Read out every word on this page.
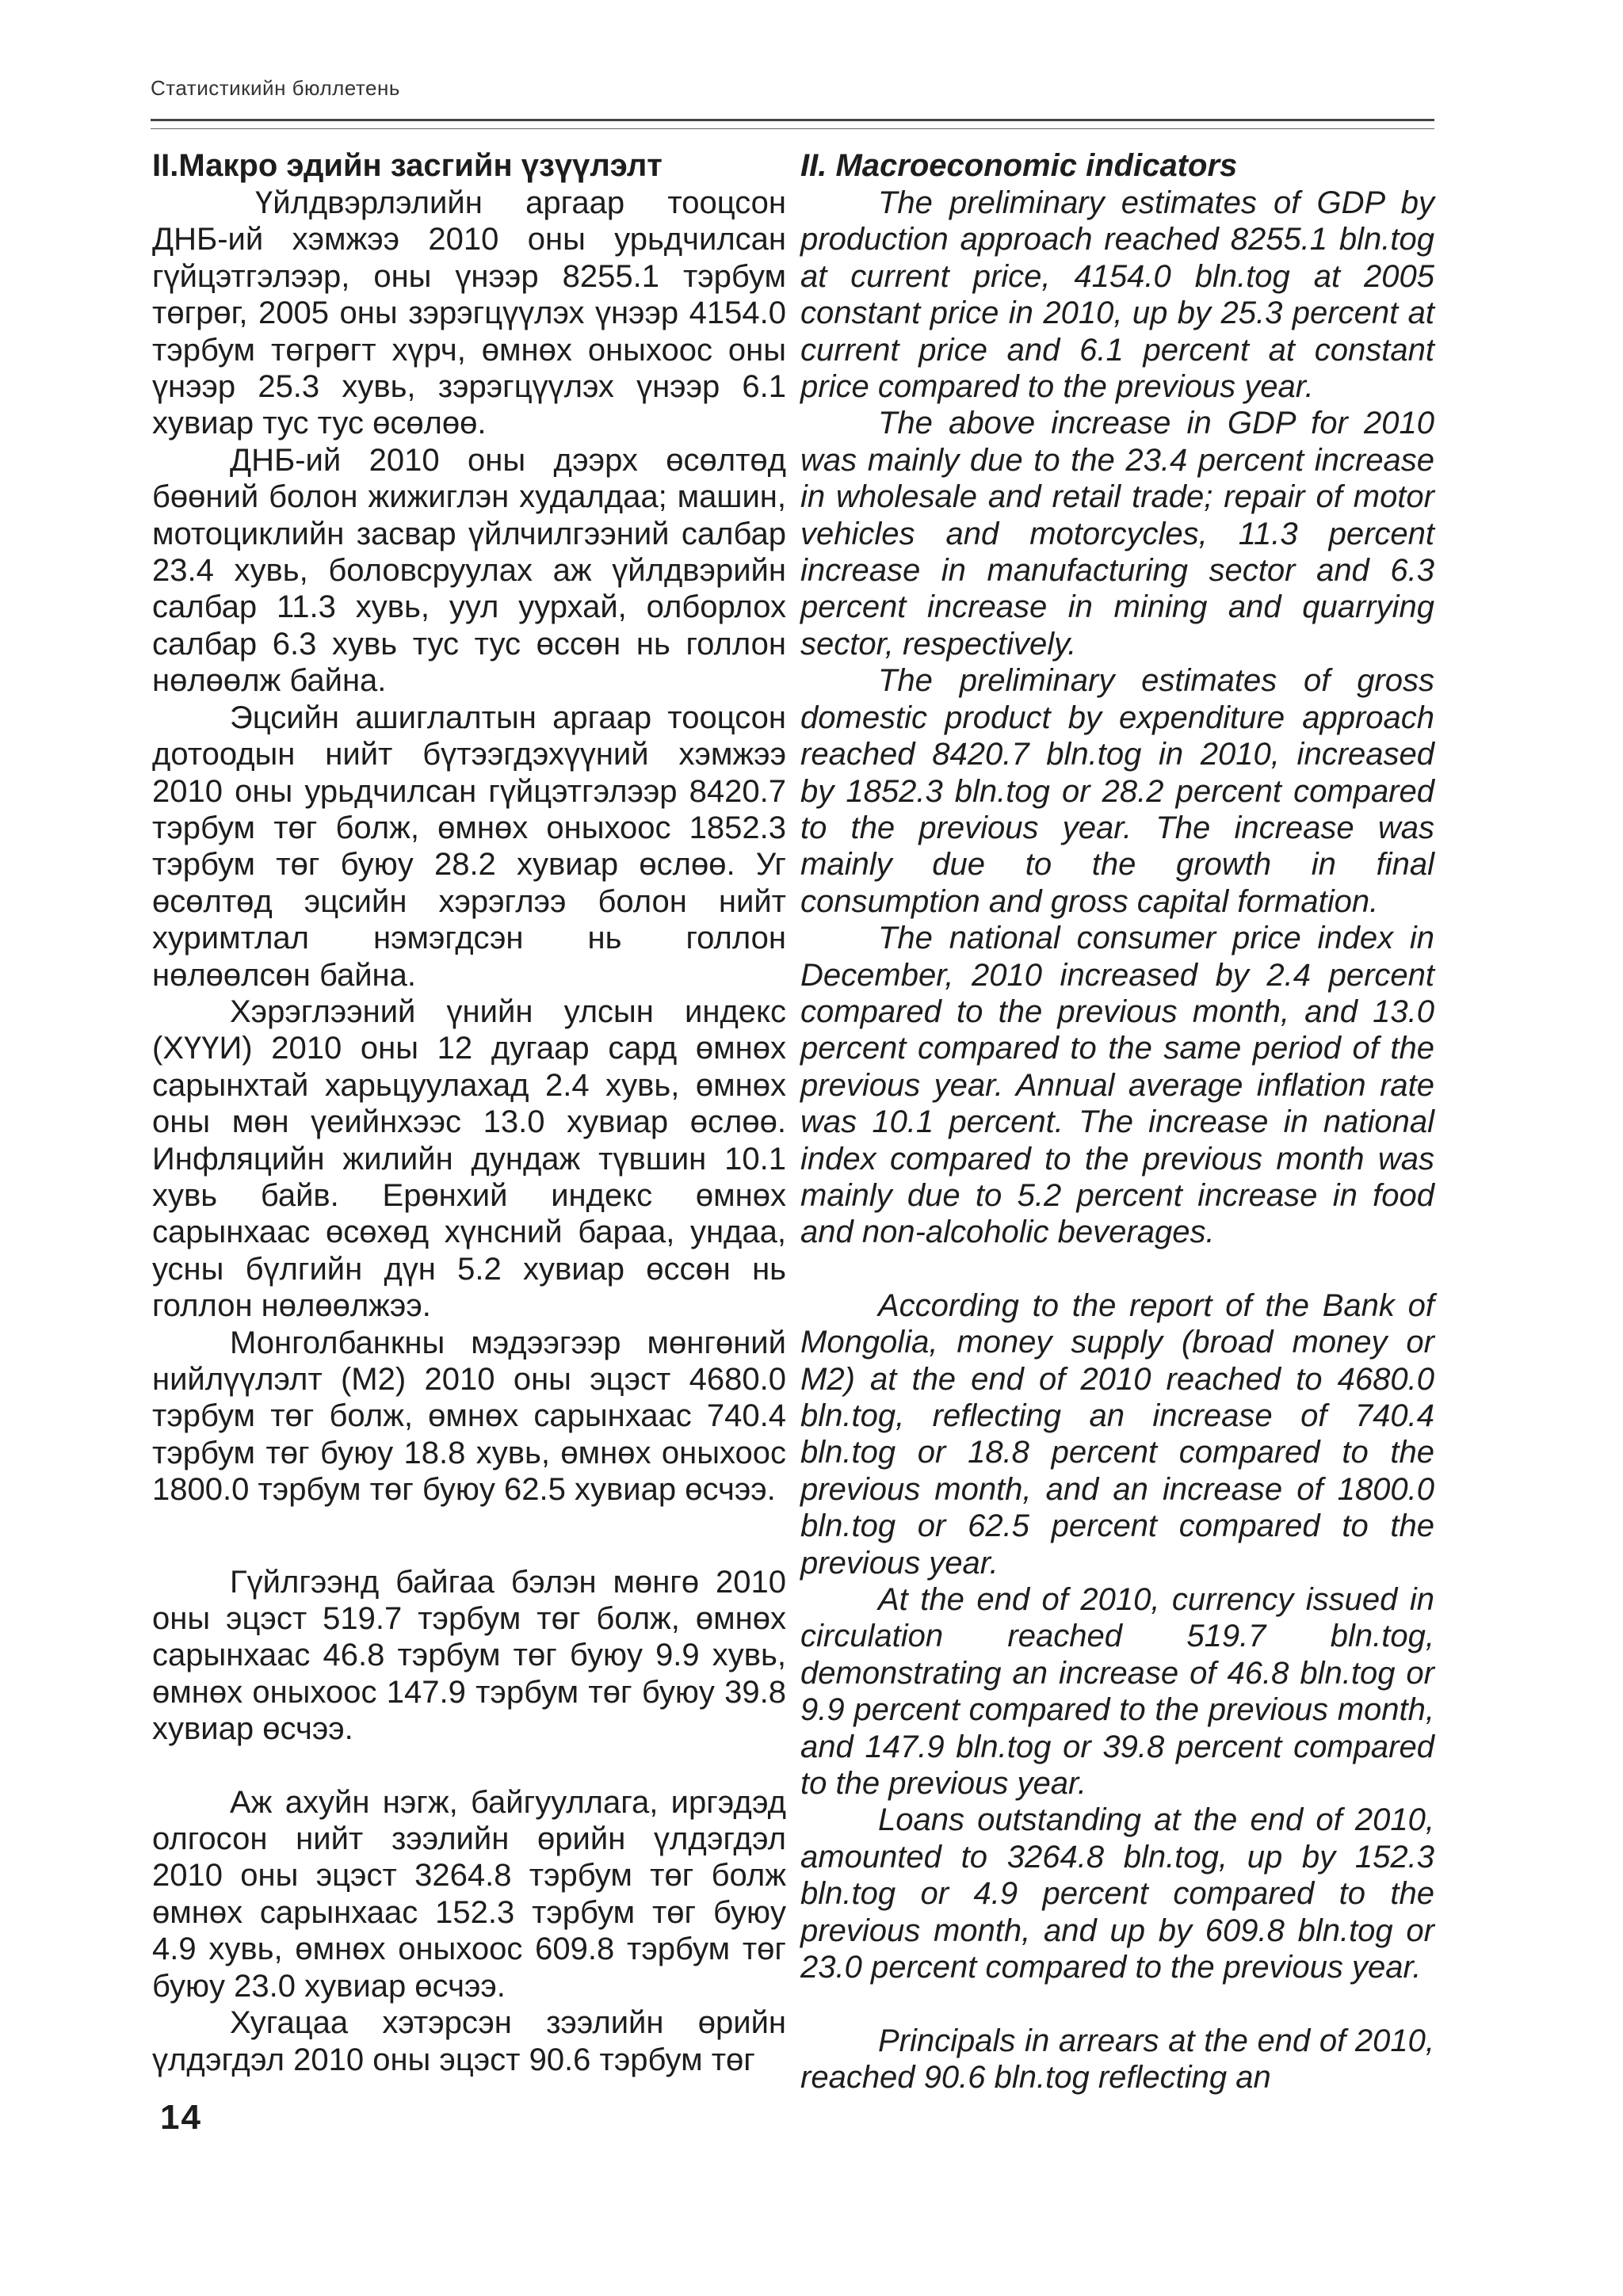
Статистикийн бюллетень
II.Макро эдийн засгийн үзүүлэлт

Үйлдвэрлэлийн аргаар тооцсон ДНБ-ий хэмжээ 2010 оны урьдчилсан гүйцэтгэлээр, оны үнээр 8255.1 тэрбум төгрөг, 2005 оны зэрэгцүүлэх үнээр 4154.0 тэрбум төгрөгт хүрч, өмнөх оныхоос оны үнээр 25.3 хувь, зэрэгцүүлэх үнээр 6.1 хувиар тус тус өсөлөө.

ДНБ-ий 2010 оны дээрх өсөлтөд бөөний болон жижиглэн худалдаа; машин, мотоциклийн засвар үйлчилгээний салбар 23.4 хувь, боловсруулах аж үйлдвэрийн салбар 11.3 хувь, уул уурхай, олборлох салбар 6.3 хувь тус тус өссөн нь голлон нөлөөлж байна.

Эцсийн ашиглалтын аргаар тооцсон дотоодын нийт бүтээгдэхүүний хэмжээ 2010 оны урьдчилсан гүйцэтгэлээр 8420.7 тэрбум төг болж, өмнөх оныхоос 1852.3 тэрбум төг буюу 28.2 хувиар өслөө. Уг өсөлтөд эцсийн хэрэглээ болон нийт хуримтлал нэмэгдсэн нь голлон нөлөөлсөн байна.

Хэрэглээний үнийн улсын индекс (ХҮҮИ) 2010 оны 12 дугаар сард өмнөх сарынхтай харьцуулахад 2.4 хувь, өмнөх оны мөн үеийнхээс 13.0 хувиар өслөө. Инфляцийн жилийн дундаж түвшин 10.1 хувь байв. Ерөнхий индекс өмнөх сарынхаас өсөхөд хүнсний бараа, ундаа, усны бүлгийн дүн 5.2 хувиар өссөн нь голлон нөлөөлжээ.

Монголбанкны мэдээгээр мөнгөний нийлүүлэлт (М2) 2010 оны эцэст 4680.0 тэрбум төг болж, өмнөх сарынхаас 740.4 тэрбум төг буюу 18.8 хувь, өмнөх оныхоос 1800.0 тэрбум төг буюу 62.5 хувиар өсчээ.

Гүйлгээнд байгаа бэлэн мөнгө 2010 оны эцэст 519.7 тэрбум төг болж, өмнөх сарынхаас 46.8 тэрбум төг буюу 9.9 хувь, өмнөх оныхоос 147.9 тэрбум төг буюу 39.8 хувиар өсчээ.

Аж ахуйн нэгж, байгууллага, иргэдэд олгосон нийт зээлийн өрийн үлдэгдэл 2010 оны эцэст 3264.8 тэрбум төг болж өмнөх сарынхаас 152.3 тэрбум төг буюу 4.9 хувь, өмнөх оныхоос 609.8 тэрбум төг буюу 23.0 хувиар өсчээ.

Хугацаа хэтэрсэн зээлийн өрийн үлдэгдэл 2010 оны эцэст 90.6 тэрбум төг

II. Macroeconomic indicators

The preliminary estimates of GDP by production approach reached 8255.1 bln.tog at current price, 4154.0 bln.tog at 2005 constant price in 2010, up by 25.3 percent at current price and 6.1 percent at constant price compared to the previous year.

The above increase in GDP for 2010 was mainly due to the 23.4 percent increase in wholesale and retail trade; repair of motor vehicles and motorcycles, 11.3 percent increase in manufacturing sector and 6.3 percent increase in mining and quarrying sector, respectively.

The preliminary estimates of gross domestic product by expenditure approach reached 8420.7 bln.tog in 2010, increased by 1852.3 bln.tog or 28.2 percent compared to the previous year. The increase was mainly due to the growth in final consumption and gross capital formation.

The national consumer price index in December, 2010 increased by 2.4 percent compared to the previous month, and 13.0 percent compared to the same period of the previous year. Annual average inflation rate was 10.1 percent. The increase in national index compared to the previous month was mainly due to 5.2 percent increase in food and non-alcoholic beverages.

According to the report of the Bank of Mongolia, money supply (broad money or M2) at the end of 2010 reached to 4680.0 bln.tog, reflecting an increase of 740.4 bln.tog or 18.8 percent compared to the previous month, and an increase of 1800.0 bln.tog or 62.5 percent compared to the previous year.

At the end of 2010, currency issued in circulation reached 519.7 bln.tog, demonstrating an increase of 46.8 bln.tog or 9.9 percent compared to the previous month, and 147.9 bln.tog or 39.8 percent compared to the previous year.

Loans outstanding at the end of 2010, amounted to 3264.8 bln.tog, up by 152.3 bln.tog or 4.9 percent compared to the previous month, and up by 609.8 bln.tog or 23.0 percent compared to the previous year.

Principals in arrears at the end of 2010, reached 90.6 bln.tog reflecting an

14
